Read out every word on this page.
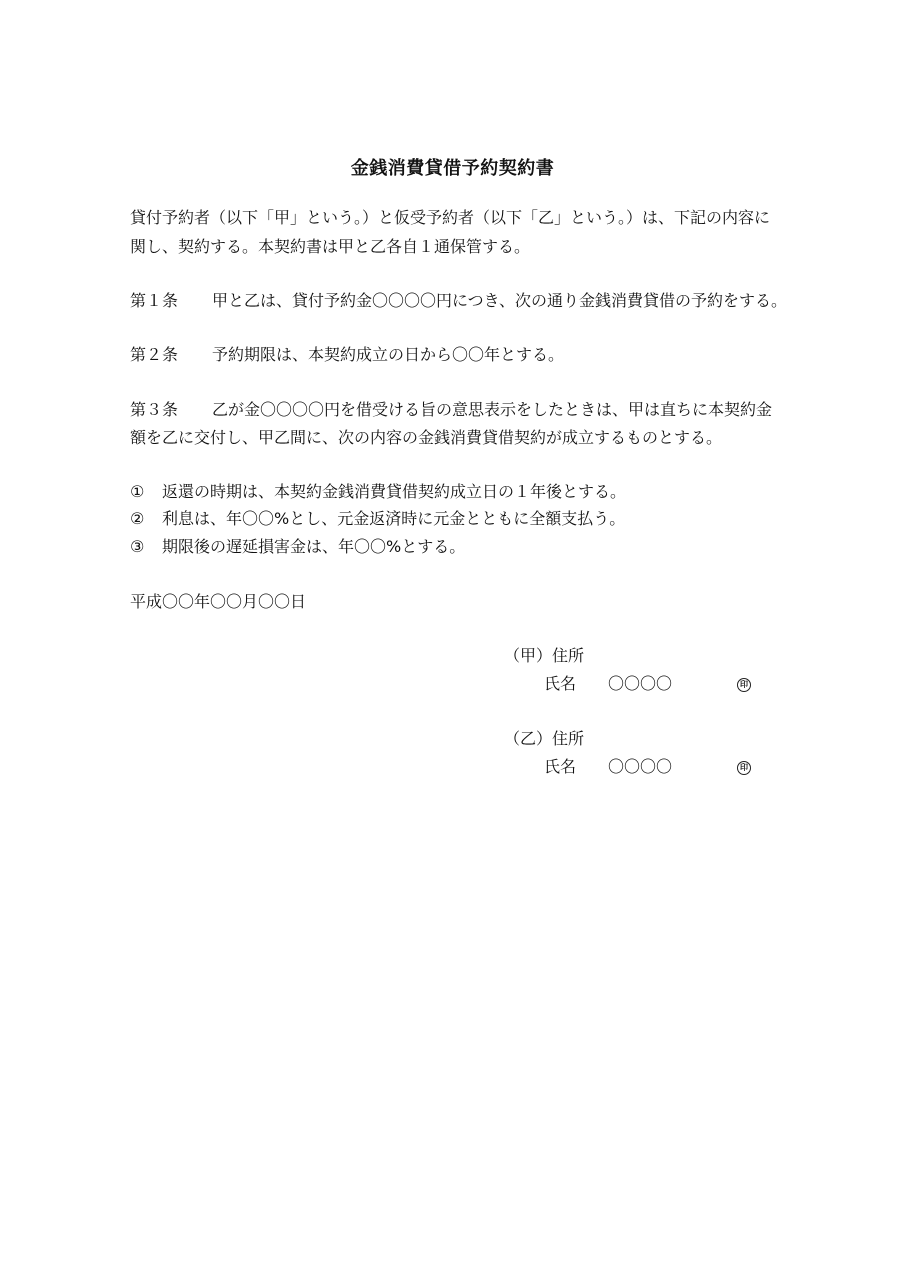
金銭消費貸借予約契約書
貸付予約者（以下「甲」という。）と仮受予約者（以下「乙」という。）は、下記の内容に
関し、契約する。本契約書は甲と乙各自１通保管する。
第１条 甲と乙は、貸付予約金〇〇〇〇円につき、次の通り金銭消費貸借の予約をする。
第２条 予約期限は、本契約成立の日から〇〇年とする。
第３条 乙が金〇〇〇〇円を借受ける旨の意思表示をしたときは、甲は直ちに本契約金
額を乙に交付し、甲乙間に、次の内容の金銭消費貸借契約が成立するものとする。
① 返還の時期は、本契約金銭消費貸借契約成立日の１年後とする。
② 利息は、年〇〇%とし、元金返済時に元金とともに全額支払う。
③ 期限後の遅延損害金は、年〇〇%とする。
平成〇〇年〇〇月〇〇日
（甲）住所
氏名 〇〇〇〇	印
（乙）住所
氏名 〇〇〇〇	印
